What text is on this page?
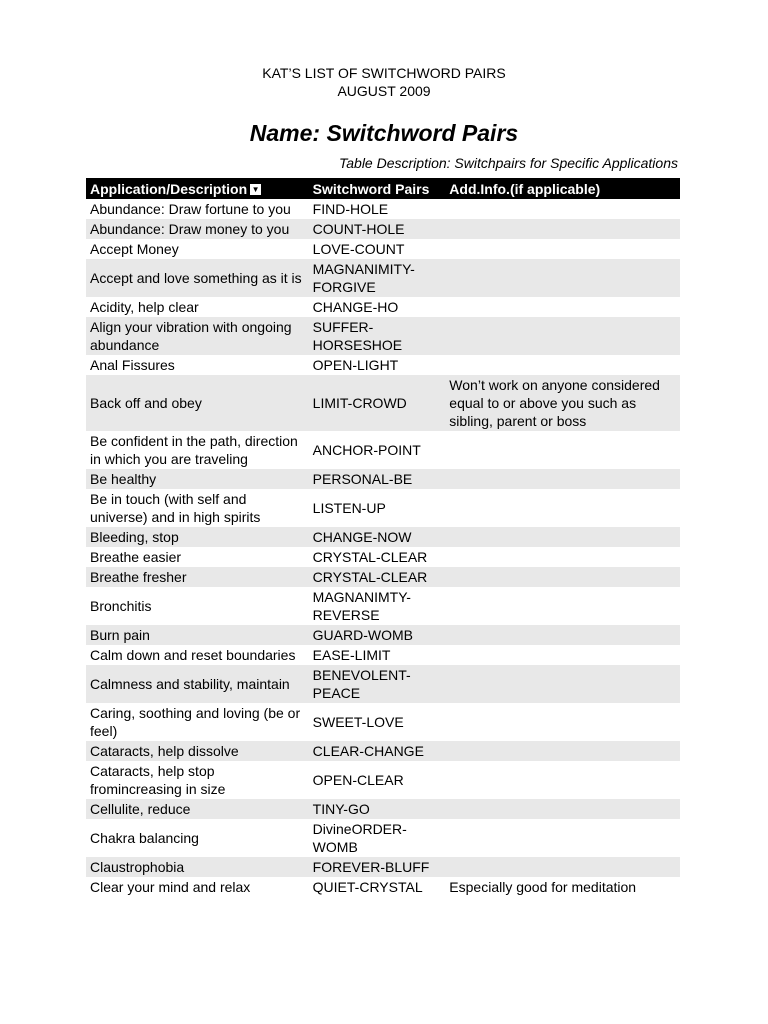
KAT’S LIST OF SWITCHWORD PAIRS
AUGUST 2009
Name: Switchword Pairs
Table Description: Switchpairs for Specific Applications
Application/Description ▼	Switchword Pairs	Add.Info.(if applicable)
Abundance: Draw fortune to you	FIND-HOLE	
Abundance: Draw money to you	COUNT-HOLE	
Accept Money	LOVE-COUNT	
Accept and love something as it is	MAGNANIMITY-FORGIVE	
Acidity, help clear	CHANGE-HO	
Align your vibration with ongoing abundance	SUFFER-HORSESHOE	
Anal Fissures	OPEN-LIGHT	
Back off and obey	LIMIT-CROWD	Won’t work on anyone considered equal to or above you such as sibling, parent or boss
Be confident in the path, direction in which you are traveling	ANCHOR-POINT	
Be healthy	PERSONAL-BE	
Be in touch (with self and universe) and in high spirits	LISTEN-UP	
Bleeding, stop	CHANGE-NOW	
Breathe easier	CRYSTAL-CLEAR	
Breathe fresher	CRYSTAL-CLEAR	
Bronchitis	MAGNANIMTY-REVERSE	
Burn pain	GUARD-WOMB	
Calm down and reset boundaries	EASE-LIMIT	
Calmness and stability, maintain	BENEVOLENT-PEACE	
Caring, soothing and loving (be or feel)	SWEET-LOVE	
Cataracts, help dissolve	CLEAR-CHANGE	
Cataracts, help stop fromincreasing in size	OPEN-CLEAR	
Cellulite, reduce	TINY-GO	
Chakra balancing	DivineORDER-WOMB	
Claustrophobia	FOREVER-BLUFF	
Clear your mind and relax	QUIET-CRYSTAL	Especially good for meditation
